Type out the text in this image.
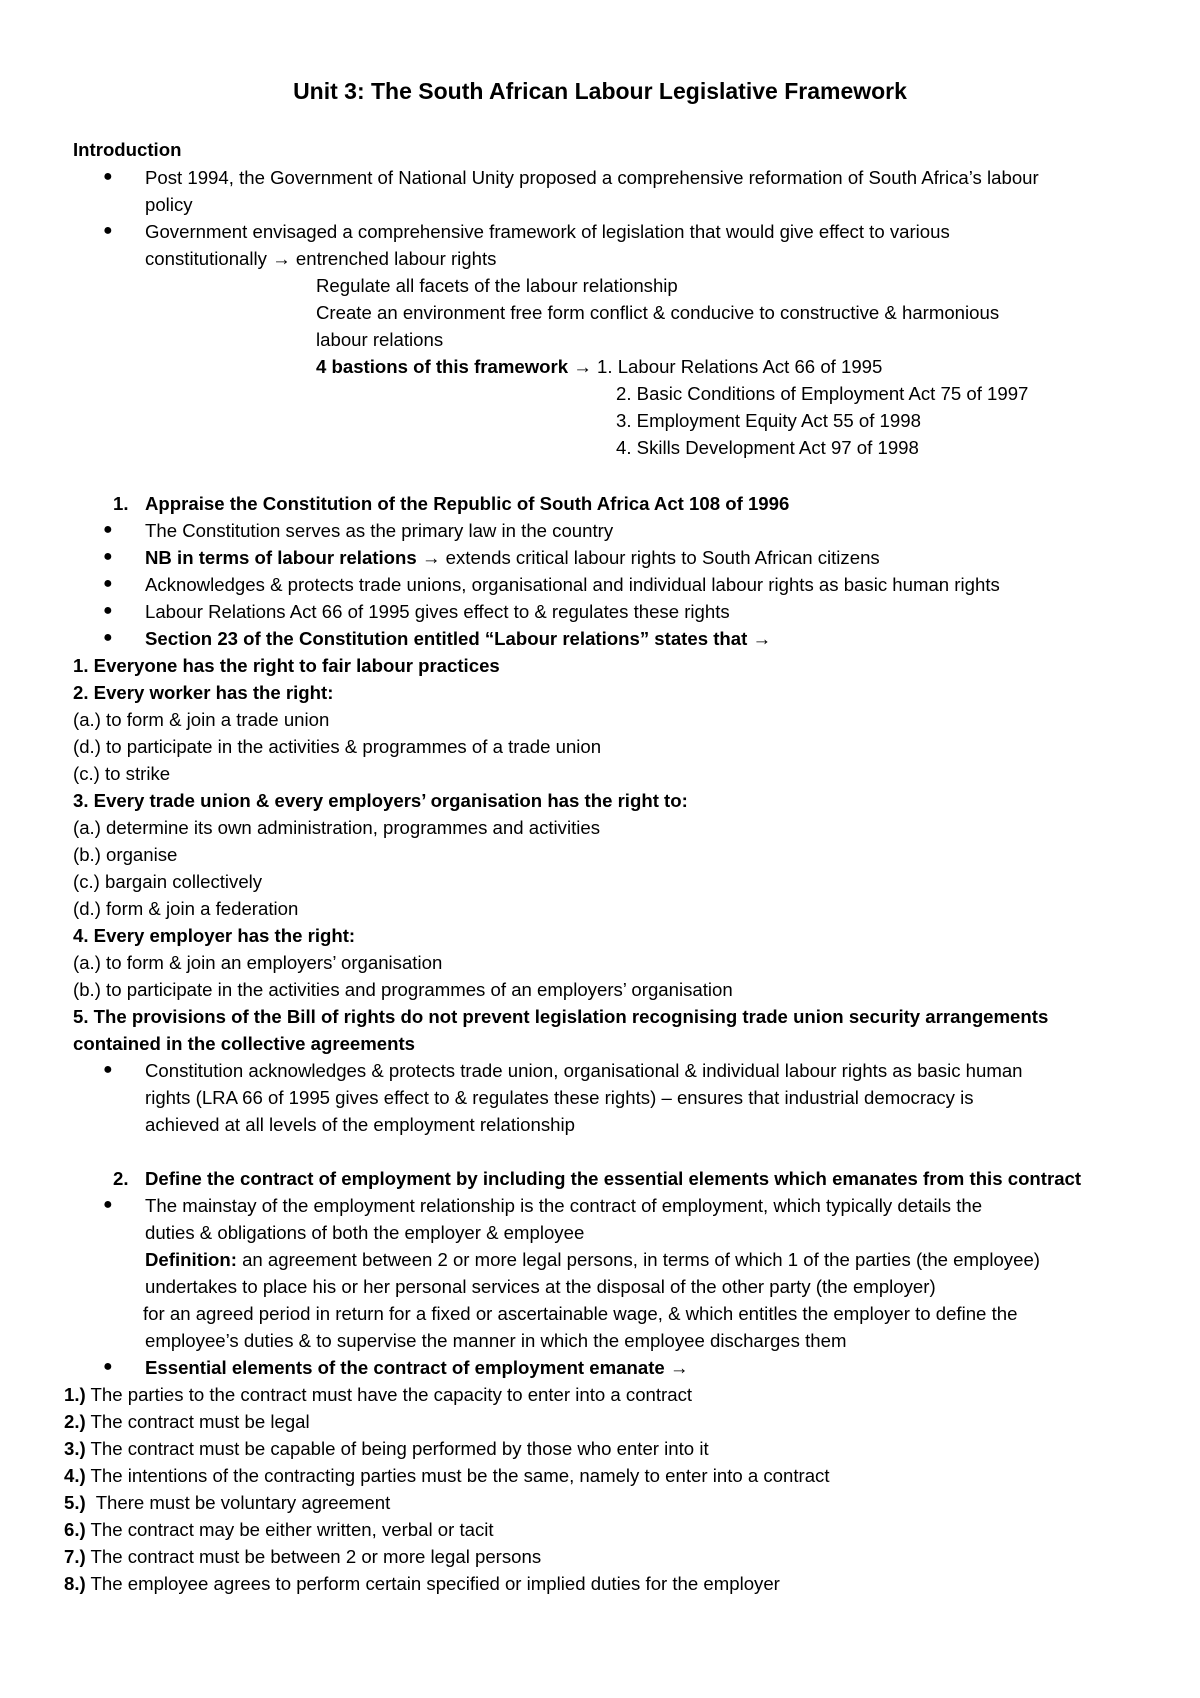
Unit 3: The South African Labour Legislative Framework
Introduction
● Post 1994, the Government of National Unity proposed a comprehensive reformation of South Africa’s labour
policy
● Government envisaged a comprehensive framework of legislation that would give effect to various
constitutionally → entrenched labour rights
Regulate all facets of the labour relationship
Create an environment free form conflict & conducive to constructive & harmonious
labour relations
4 bastions of this framework → 1. Labour Relations Act 66 of 1995
2. Basic Conditions of Employment Act 75 of 1997
3. Employment Equity Act 55 of 1998
4. Skills Development Act 97 of 1998
1. Appraise the Constitution of the Republic of South Africa Act 108 of 1996
● The Constitution serves as the primary law in the country
● NB in terms of labour relations → extends critical labour rights to South African citizens
● Acknowledges & protects trade unions, organisational and individual labour rights as basic human rights
● Labour Relations Act 66 of 1995 gives effect to & regulates these rights
● Section 23 of the Constitution entitled “Labour relations” states that →
1. Everyone has the right to fair labour practices
2. Every worker has the right:
(a.) to form & join a trade union
(d.) to participate in the activities & programmes of a trade union
(c.) to strike
3. Every trade union & every employers’ organisation has the right to:
(a.) determine its own administration, programmes and activities
(b.) organise
(c.) bargain collectively
(d.) form & join a federation
4. Every employer has the right:
(a.) to form & join an employers’ organisation
(b.) to participate in the activities and programmes of an employers’ organisation
5. The provisions of the Bill of rights do not prevent legislation recognising trade union security arrangements
contained in the collective agreements
● Constitution acknowledges & protects trade union, organisational & individual labour rights as basic human
rights (LRA 66 of 1995 gives effect to & regulates these rights) – ensures that industrial democracy is
achieved at all levels of the employment relationship
2. Define the contract of employment by including the essential elements which emanates from this contract
● The mainstay of the employment relationship is the contract of employment, which typically details the
duties & obligations of both the employer & employee
Definition: an agreement between 2 or more legal persons, in terms of which 1 of the parties (the employee)
undertakes to place his or her personal services at the disposal of the other party (the employer)
for an agreed period in return for a fixed or ascertainable wage, & which entitles the employer to define the
employee’s duties & to supervise the manner in which the employee discharges them
● Essential elements of the contract of employment emanate →
1.) The parties to the contract must have the capacity to enter into a contract
2.) The contract must be legal
3.) The contract must be capable of being performed by those who enter into it
4.) The intentions of the contracting parties must be the same, namely to enter into a contract
5.)  There must be voluntary agreement
6.) The contract may be either written, verbal or tacit
7.) The contract must be between 2 or more legal persons
8.) The employee agrees to perform certain specified or implied duties for the employer
